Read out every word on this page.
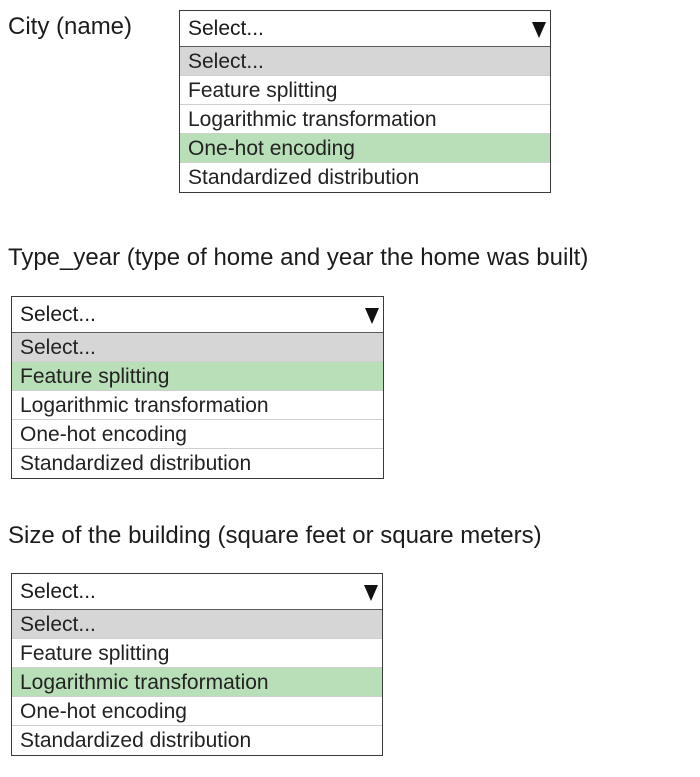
City (name)	Select...
Select...
Feature splitting
Logarithmic transformation
One-hot encoding
Standardized distribution
Type_year (type of home and year the home was built)
Select...
Select...
Feature splitting
Logarithmic transformation
One-hot encoding
Standardized distribution
Size of the building (square feet or square meters)
Select...
Select...
Feature splitting
Logarithmic transformation
One-hot encoding
Standardized distribution
